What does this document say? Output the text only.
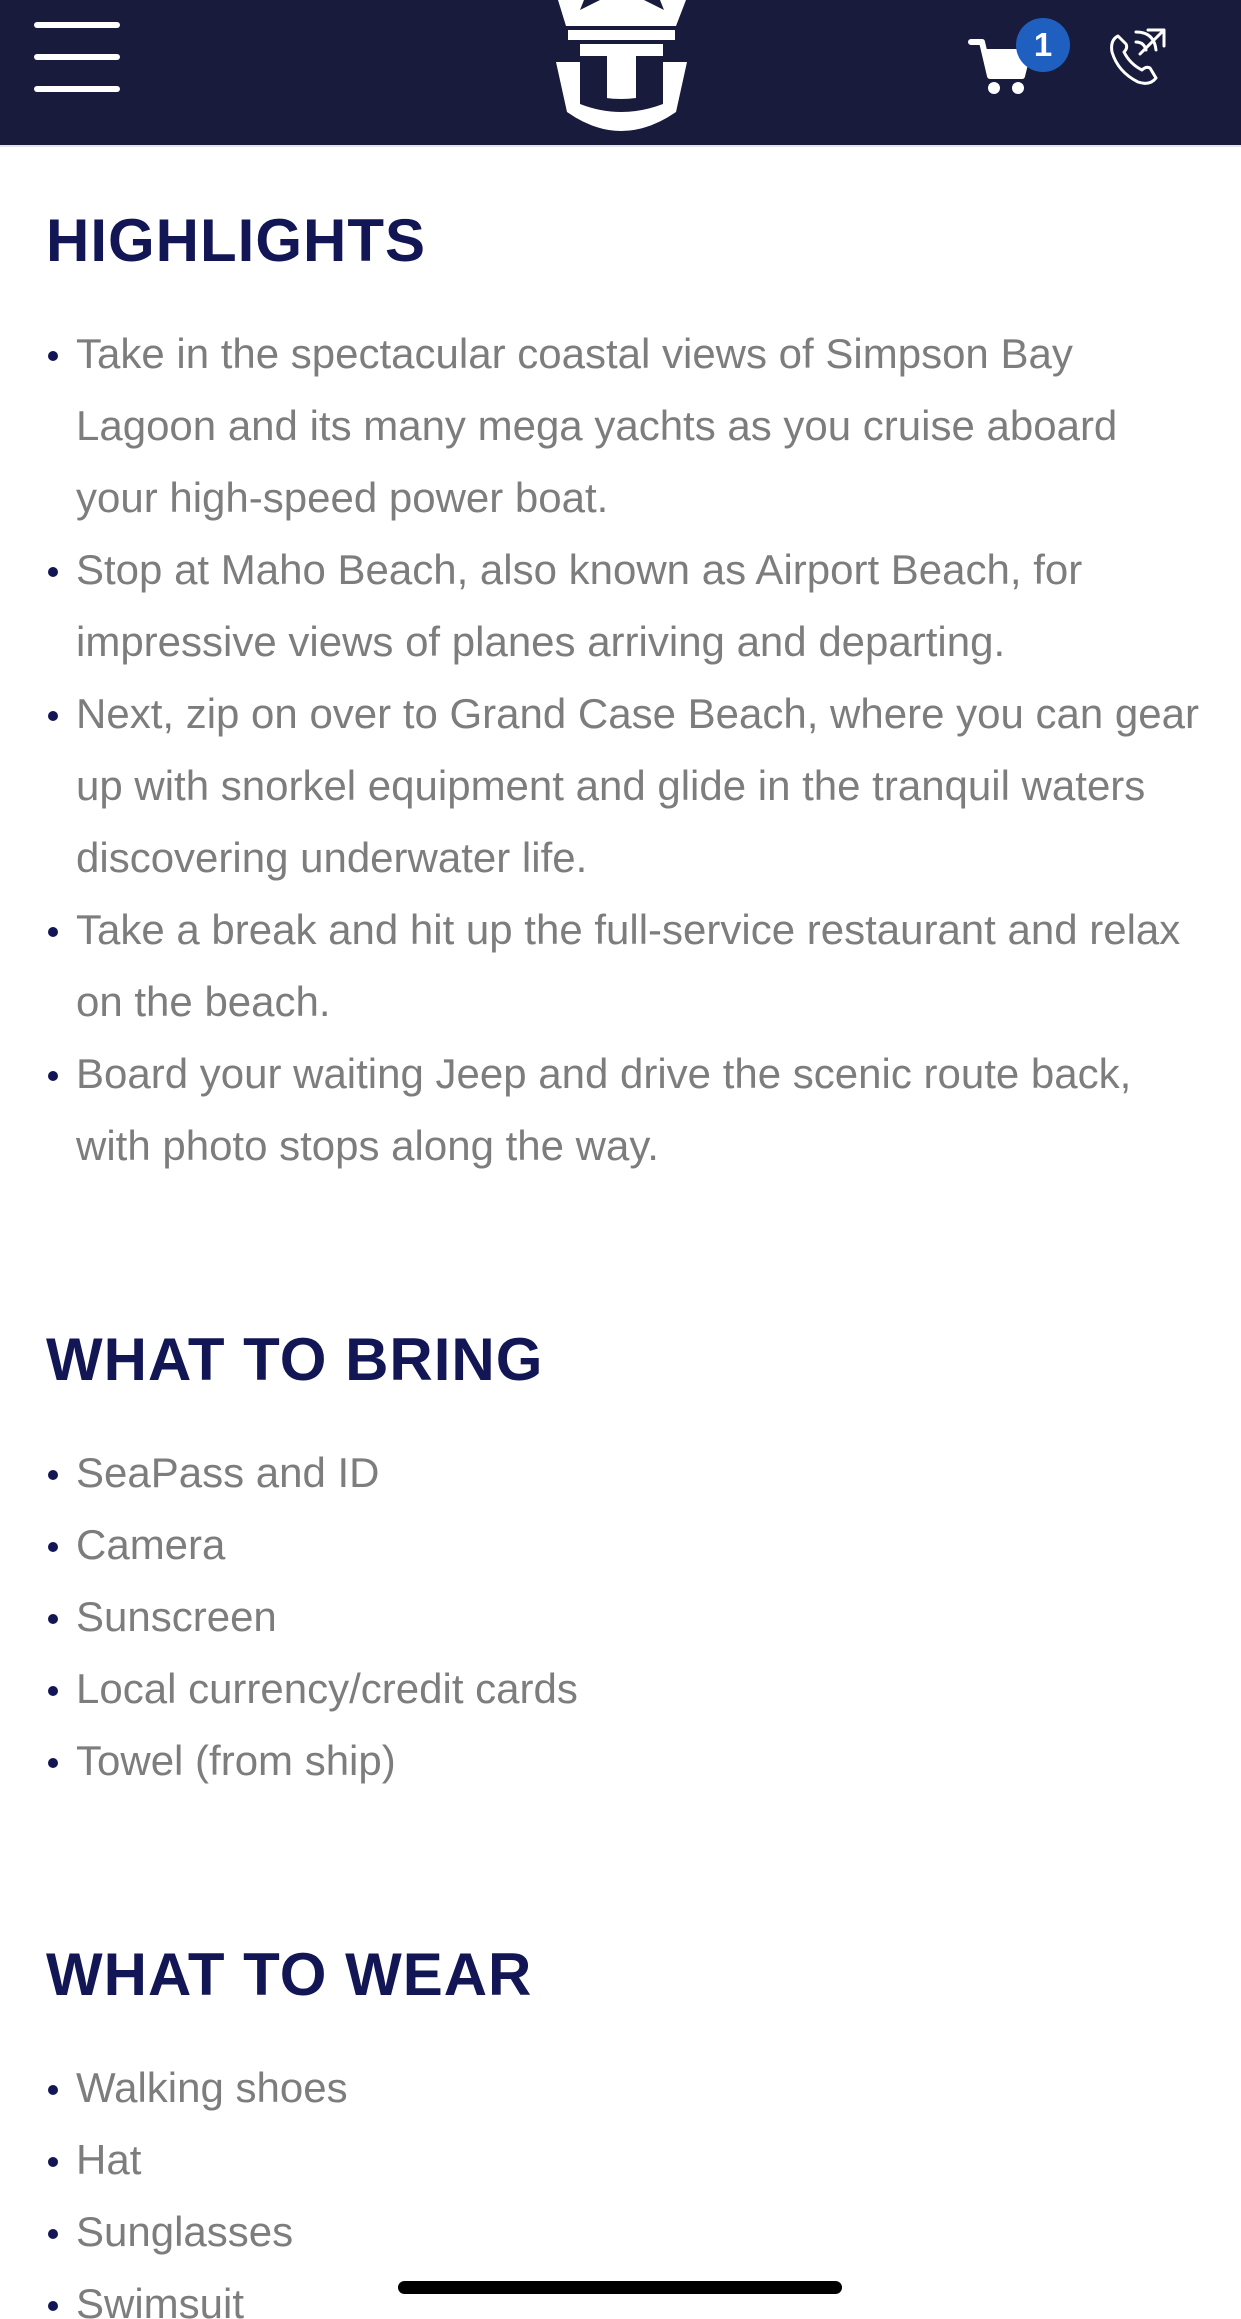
1
HIGHLIGHTS
Take in the spectacular coastal views of Simpson Bay Lagoon and its many mega yachts as you cruise aboard your high-speed power boat.
Stop at Maho Beach, also known as Airport Beach, for impressive views of planes arriving and departing.
Next, zip on over to Grand Case Beach, where you can gear up with snorkel equipment and glide in the tranquil waters discovering underwater life.
Take a break and hit up the full-service restaurant and relax on the beach.
Board your waiting Jeep and drive the scenic route back, with photo stops along the way.
WHAT TO BRING
SeaPass and ID
Camera
Sunscreen
Local currency/credit cards
Towel (from ship)
WHAT TO WEAR
Walking shoes
Hat
Sunglasses
Swimsuit
